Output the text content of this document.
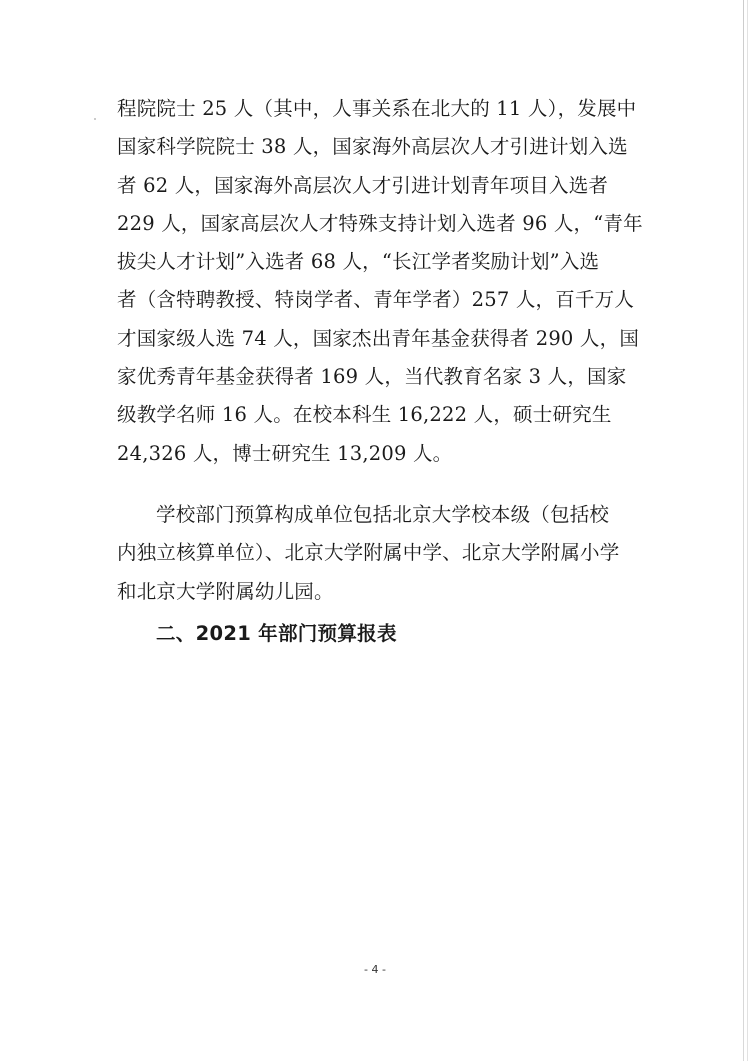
程院院士 25 人（其中，人事关系在北大的 11 人），发展中
国家科学院院士 38 人，国家海外高层次人才引进计划入选
者 62 人，国家海外高层次人才引进计划青年项目入选者
229 人，国家高层次人才特殊支持计划入选者 96 人，“青年
拔尖人才计划”入选者 68 人，“长江学者奖励计划”入选
者（含特聘教授、特岗学者、青年学者）257 人，百千万人
才国家级人选 74 人，国家杰出青年基金获得者 290 人，国
家优秀青年基金获得者 169 人，当代教育名家 3 人，国家
级教学名师 16 人。在校本科生 16,222 人，硕士研究生
24,326 人，博士研究生 13,209 人。

学校部门预算构成单位包括北京大学校本级（包括校
内独立核算单位）、北京大学附属中学、北京大学附属小学
和北京大学附属幼儿园。

二、2021 年部门预算报表
- 4 -
